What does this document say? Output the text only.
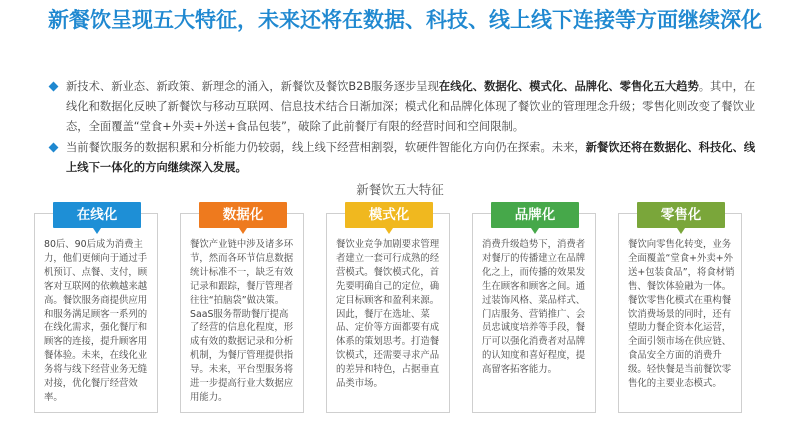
新餐饮呈现五大特征，未来还将在数据、科技、线上线下连接等方面继续深化
新技术、新业态、新政策、新理念的涌入，新餐饮及餐饮B2B服务逐步呈现在线化、数据化、模式化、品牌化、零售化五大趋势。其中，在线化和数据化反映了新餐饮与移动互联网、信息技术结合日渐加深；模式化和品牌化体现了餐饮业的管理理念升级；零售化则改变了餐饮业态，全面覆盖“堂食+外卖+外送+食品包装”，破除了此前餐厅有限的经营时间和空间限制。
当前餐饮服务的数据积累和分析能力仍较弱，线上线下经营相割裂，软硬件智能化方向仍在探索。未来，新餐饮还将在数据化、科技化、线上线下一体化的方向继续深入发展。
新餐饮五大特征
在线化
80后、90后成为消费主力，他们更倾向于通过手机预订、点餐、支付，顾客对互联网的依赖越来越高。餐饮服务商提供应用和服务满足顾客一系列的在线化需求，强化餐厅和顾客的连接，提升顾客用餐体验。未来，在线化业务将与线下经营业务无缝对接，优化餐厅经营效率。
数据化
餐饮产业链中涉及诸多环节，然而各环节信息数据统计标准不一，缺乏有效记录和跟踪，餐厅管理者往往“拍脑袋”做决策。SaaS服务帮助餐厅提高了经营的信息化程度，形成有效的数据记录和分析机制，为餐厅管理提供指导。未来，平台型服务将进一步提高行业大数据应用能力。
模式化
餐饮业竞争加剧要求管理者建立一套可行成熟的经营模式。餐饮模式化，首先要明确自己的定位，确定目标顾客和盈利来源。因此，餐厅在选址、菜品、定价等方面都要有成体系的策划思考。打造餐饮模式，还需要寻求产品的差异和特色，占据垂直品类市场。
品牌化
消费升级趋势下，消费者对餐厅的传播建立在品牌化之上，而传播的效果发生在顾客和顾客之间。通过装饰风格、菜品样式、门店服务、营销推广、会员忠诚度培养等手段，餐厅可以强化消费者对品牌的认知度和喜好程度，提高留客拓客能力。
零售化
餐饮向零售化转变，业务全面覆盖“堂食+外卖+外送+包装食品”，将食材销售、餐饮体验融为一体。餐饮零售化模式在重构餐饮消费场景的同时，还有望助力餐企资本化运营，全面引领市场在供应链、食品安全方面的消费升级。轻快餐是当前餐饮零售化的主要业态模式。
